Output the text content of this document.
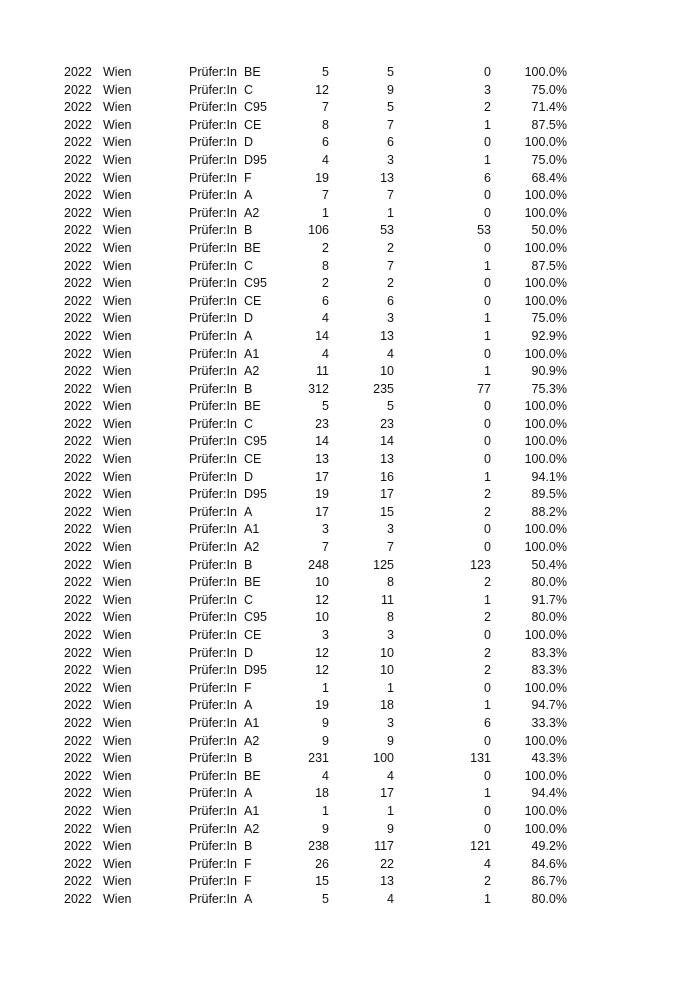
2022 Wien	Prüfer:In BE	5	5	0	100.0%
2022 Wien	Prüfer:In C	12	9	3	75.0%
2022 Wien	Prüfer:In C95	7	5	2	71.4%
2022 Wien	Prüfer:In CE	8	7	1	87.5%
2022 Wien	Prüfer:In D	6	6	0	100.0%
2022 Wien	Prüfer:In D95	4	3	1	75.0%
2022 Wien	Prüfer:In F	19	13	6	68.4%
2022 Wien	Prüfer:In A	7	7	0	100.0%
2022 Wien	Prüfer:In A2	1	1	0	100.0%
2022 Wien	Prüfer:In B	106	53	53	50.0%
2022 Wien	Prüfer:In BE	2	2	0	100.0%
2022 Wien	Prüfer:In C	8	7	1	87.5%
2022 Wien	Prüfer:In C95	2	2	0	100.0%
2022 Wien	Prüfer:In CE	6	6	0	100.0%
2022 Wien	Prüfer:In D	4	3	1	75.0%
2022 Wien	Prüfer:In A	14	13	1	92.9%
2022 Wien	Prüfer:In A1	4	4	0	100.0%
2022 Wien	Prüfer:In A2	11	10	1	90.9%
2022 Wien	Prüfer:In B	312	235	77	75.3%
2022 Wien	Prüfer:In BE	5	5	0	100.0%
2022 Wien	Prüfer:In C	23	23	0	100.0%
2022 Wien	Prüfer:In C95	14	14	0	100.0%
2022 Wien	Prüfer:In CE	13	13	0	100.0%
2022 Wien	Prüfer:In D	17	16	1	94.1%
2022 Wien	Prüfer:In D95	19	17	2	89.5%
2022 Wien	Prüfer:In A	17	15	2	88.2%
2022 Wien	Prüfer:In A1	3	3	0	100.0%
2022 Wien	Prüfer:In A2	7	7	0	100.0%
2022 Wien	Prüfer:In B	248	125	123	50.4%
2022 Wien	Prüfer:In BE	10	8	2	80.0%
2022 Wien	Prüfer:In C	12	11	1	91.7%
2022 Wien	Prüfer:In C95	10	8	2	80.0%
2022 Wien	Prüfer:In CE	3	3	0	100.0%
2022 Wien	Prüfer:In D	12	10	2	83.3%
2022 Wien	Prüfer:In D95	12	10	2	83.3%
2022 Wien	Prüfer:In F	1	1	0	100.0%
2022 Wien	Prüfer:In A	19	18	1	94.7%
2022 Wien	Prüfer:In A1	9	3	6	33.3%
2022 Wien	Prüfer:In A2	9	9	0	100.0%
2022 Wien	Prüfer:In B	231	100	131	43.3%
2022 Wien	Prüfer:In BE	4	4	0	100.0%
2022 Wien	Prüfer:In A	18	17	1	94.4%
2022 Wien	Prüfer:In A1	1	1	0	100.0%
2022 Wien	Prüfer:In A2	9	9	0	100.0%
2022 Wien	Prüfer:In B	238	117	121	49.2%
2022 Wien	Prüfer:In F	26	22	4	84.6%
2022 Wien	Prüfer:In F	15	13	2	86.7%
2022 Wien	Prüfer:In A	5	4	1	80.0%
